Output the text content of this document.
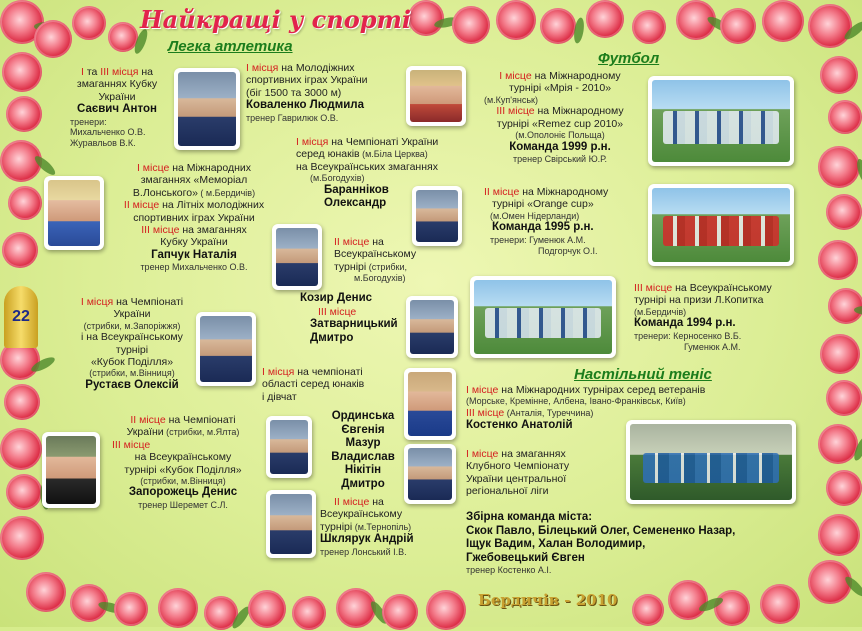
Найкращі у спорті
Легка атлетика
Футбол
Настільний теніс
22
І та ІІІ місця на
змаганнях Кубку
України
Саєвич Антон
тренери:
Михальченко О.В.
Журавльов В.К.
І місця на Молодіжних
спортивних іграх України
(біг 1500 та 3000 м)
Коваленко Людмила
тренер Гаврилюк О.В.
І місце на Міжнародних
змаганнях «Меморіал
В.Лонського» ( м.Бердичів)
ІІ місце на Літніх молодіжних
спортивних іграх України
ІІІ місце на змаганнях
Кубку України
Гапчук Наталія
тренер Михальченко О.В.
І місця на Чемпіонаті України
серед юнаків (м.Біла Церква)
на Всеукраїнських змаганнях
(м.Богодухів)
Баранніков
Олександр
ІІ місце на
Всеукраїнському
турнірі (стрибки,
м.Богодухів)
Козир Денис
ІІІ місце
Затварницький
Дмитро
І місця на Чемпіонаті
України
(стрибки, м.Запоріжжя)
і на Всеукраїнському
турнірі
«Кубок Поділля»
(стрибки, м.Вінниця)
Рустаєв Олексій
І місця на чемпіонаті
області серед юнаків
і дівчат
Ординська
Євгенія
Мазур
Владислав
Нікітін
Дмитро
ІІ місце на
Всеукраїнському
турнірі (м.Тернопіль)
Шклярук Андрій
тренер Лонський І.В.
ІІ місце на Чемпіонаті
України (стрибки, м.Ялта)
ІІІ місце
на Всеукраїнському
турнірі «Кубок Поділля»
(стрибки, м.Вінниця)
Запорожець Денис
тренер Шеремет С.Л.
І місце на Міжнародному
турнірі «Мрія - 2010»
(м.Куп'янськ)
ІІІ місце на Міжнародному
турнірі «Remez cup 2010»
(м.Ополоніє Польща)
Команда 1999 р.н.
тренер Свірський Ю.Р.
ІІ місце на Міжнародному
турнірі «Orange cup»
(м.Омен Нідерланди)
Команда 1995 р.н.
тренери: Гуменюк А.М.
Подгорчук О.І.
ІІІ місце на Всеукраїнському
турнірі на призи Л.Копитка
(м.Бердичів)
Команда 1994 р.н.
тренери: Керносенко В.Б.
Гуменюк А.М.
І місце на Міжнародних турнірах серед ветеранів
(Морське, Кремінне, Албена, Івано-Франківськ, Київ)
ІІІ місце (Анталія, Туреччина)
Костенко Анатолій
І місце на змаганнях
Клубного Чемпіонату
України центральної
регіональної ліги
Збірна команда міста:
Скок Павло, Білецький Олег, Семененко Назар,
Іщук Вадим, Халан Володимир,
Гжебовецький Євген
тренер Костенко А.І.
Бердичів - 2010
